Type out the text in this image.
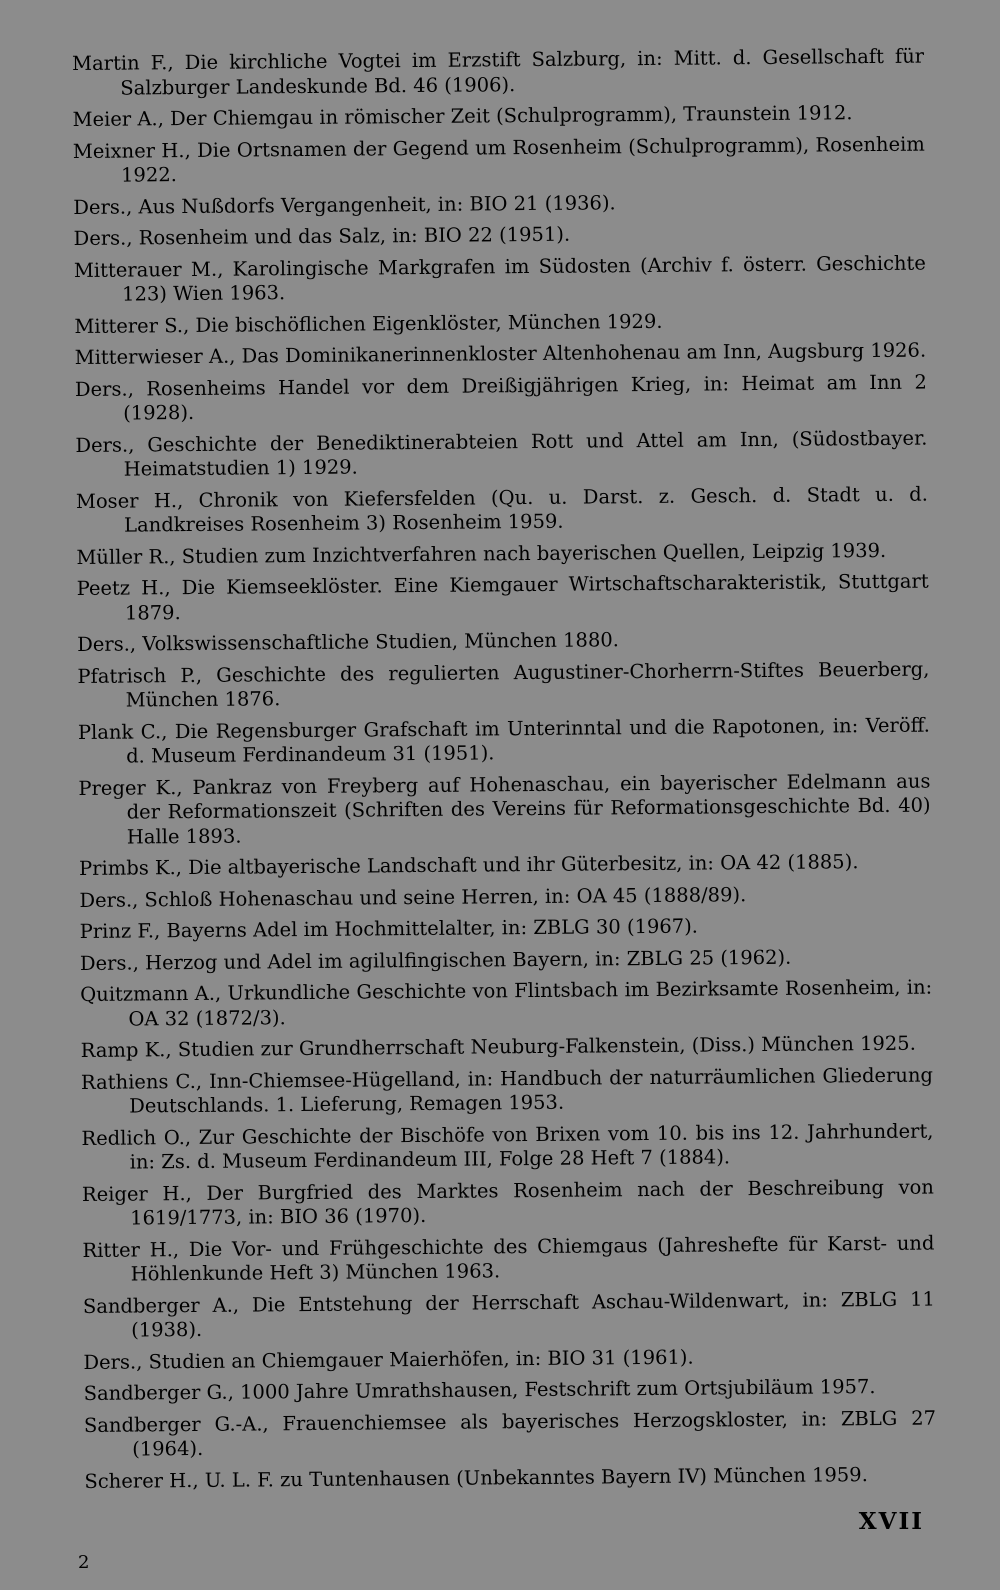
Martin F., Die kirchliche Vogtei im Erzstift Salzburg, in: Mitt. d. Gesellschaft für Salzburger Landeskunde Bd. 46 (1906).
Meier A., Der Chiemgau in römischer Zeit (Schulprogramm), Traunstein 1912.
Meixner H., Die Ortsnamen der Gegend um Rosenheim (Schulprogramm), Rosenheim 1922.
Ders., Aus Nußdorfs Vergangenheit, in: BIO 21 (1936).
Ders., Rosenheim und das Salz, in: BIO 22 (1951).
Mitterauer M., Karolingische Markgrafen im Südosten (Archiv f. österr. Geschichte 123) Wien 1963.
Mitterer S., Die bischöflichen Eigenklöster, München 1929.
Mitterwieser A., Das Dominikanerinnenkloster Altenhohenau am Inn, Augsburg 1926.
Ders., Rosenheims Handel vor dem Dreißigjährigen Krieg, in: Heimat am Inn 2 (1928).
Ders., Geschichte der Benediktinerabteien Rott und Attel am Inn, (Südostbayer. Heimatstudien 1) 1929.
Moser H., Chronik von Kiefersfelden (Qu. u. Darst. z. Gesch. d. Stadt u. d. Landkreises Rosenheim 3) Rosenheim 1959.
Müller R., Studien zum Inzichtverfahren nach bayerischen Quellen, Leipzig 1939.
Peetz H., Die Kiemseeklöster. Eine Kiemgauer Wirtschaftscharakteristik, Stuttgart 1879.
Ders., Volkswissenschaftliche Studien, München 1880.
Pfatrisch P., Geschichte des regulierten Augustiner-Chorherrn-Stiftes Beuerberg, München 1876.
Plank C., Die Regensburger Grafschaft im Unterinntal und die Rapotonen, in: Veröff. d. Museum Ferdinandeum 31 (1951).
Preger K., Pankraz von Freyberg auf Hohenaschau, ein bayerischer Edelmann aus der Reformationszeit (Schriften des Vereins für Reformationsgeschichte Bd. 40) Halle 1893.
Primbs K., Die altbayerische Landschaft und ihr Güterbesitz, in: OA 42 (1885).
Ders., Schloß Hohenaschau und seine Herren, in: OA 45 (1888/89).
Prinz F., Bayerns Adel im Hochmittelalter, in: ZBLG 30 (1967).
Ders., Herzog und Adel im agilulfingischen Bayern, in: ZBLG 25 (1962).
Quitzmann A., Urkundliche Geschichte von Flintsbach im Bezirksamte Rosenheim, in: OA 32 (1872/3).
Ramp K., Studien zur Grundherrschaft Neuburg-Falkenstein, (Diss.) München 1925.
Rathiens C., Inn-Chiemsee-Hügelland, in: Handbuch der naturräumlichen Gliederung Deutschlands. 1. Lieferung, Remagen 1953.
Redlich O., Zur Geschichte der Bischöfe von Brixen vom 10. bis ins 12. Jahrhundert, in: Zs. d. Museum Ferdinandeum III, Folge 28 Heft 7 (1884).
Reiger H., Der Burgfried des Marktes Rosenheim nach der Beschreibung von 1619/1773, in: BIO 36 (1970).
Ritter H., Die Vor- und Frühgeschichte des Chiemgaus (Jahreshefte für Karst- und Höhlenkunde Heft 3) München 1963.
Sandberger A., Die Entstehung der Herrschaft Aschau-Wildenwart, in: ZBLG 11 (1938).
Ders., Studien an Chiemgauer Maierhöfen, in: BIO 31 (1961).
Sandberger G., 1000 Jahre Umrathshausen, Festschrift zum Ortsjubiläum 1957.
Sandberger G.-A., Frauenchiemsee als bayerisches Herzogskloster, in: ZBLG 27 (1964).
Scherer H., U. L. F. zu Tuntenhausen (Unbekanntes Bayern IV) München 1959.
XVII
2
